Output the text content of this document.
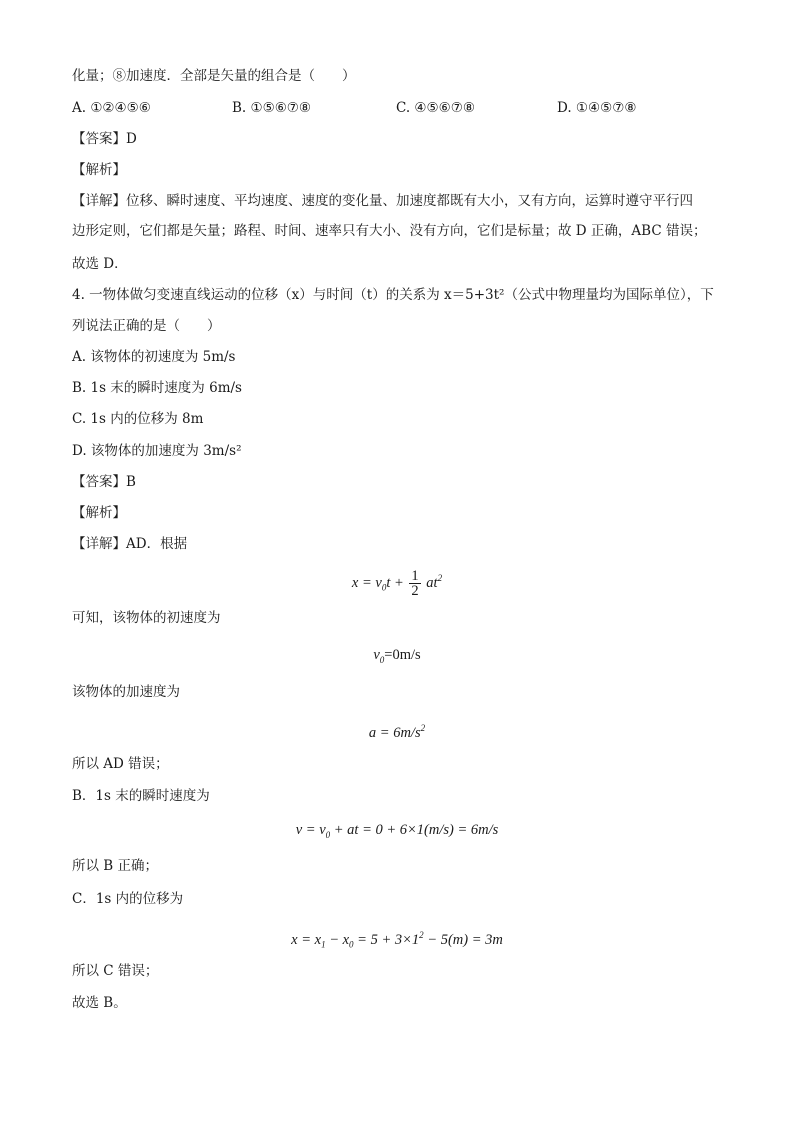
化量；⑧加速度．全部是矢量的组合是（　　）
A. ①②④⑤⑥	B. ①⑤⑥⑦⑧	C. ④⑤⑥⑦⑧	D. ①④⑤⑦⑧
【答案】D
【解析】
【详解】位移、瞬时速度、平均速度、速度的变化量、加速度都既有大小，又有方向，运算时遵守平行四
边形定则，它们都是矢量；路程、时间、速率只有大小、没有方向，它们是标量；故 D 正确，ABC 错误；
故选 D．
4. 一物体做匀变速直线运动的位移（x）与时间（t）的关系为 x＝5+3t²（公式中物理量均为国际单位），下
列说法正确的是（　　）
A. 该物体的初速度为 5m/s
B. 1s 末的瞬时速度为 6m/s
C. 1s 内的位移为 8m
D. 该物体的加速度为 3m/s²
【答案】B
【解析】
【详解】AD．根据
$x = v_0t + \frac{1}{2} at^2$
可知，该物体的初速度为
$v_0=0m/s$
该物体的加速度为
$a = 6m/s^2$
所以 AD 错误；
B．1s 末的瞬时速度为
$v = v_0$ + at = 0 + 6×1(m/s) = 6m/s
所以 B 正确；
C．1s 内的位移为
$x = x_1 - x_0 = 5 + 3\times 1^2 - 5(m) = 3m$
所以 C 错误；
故选 B。
